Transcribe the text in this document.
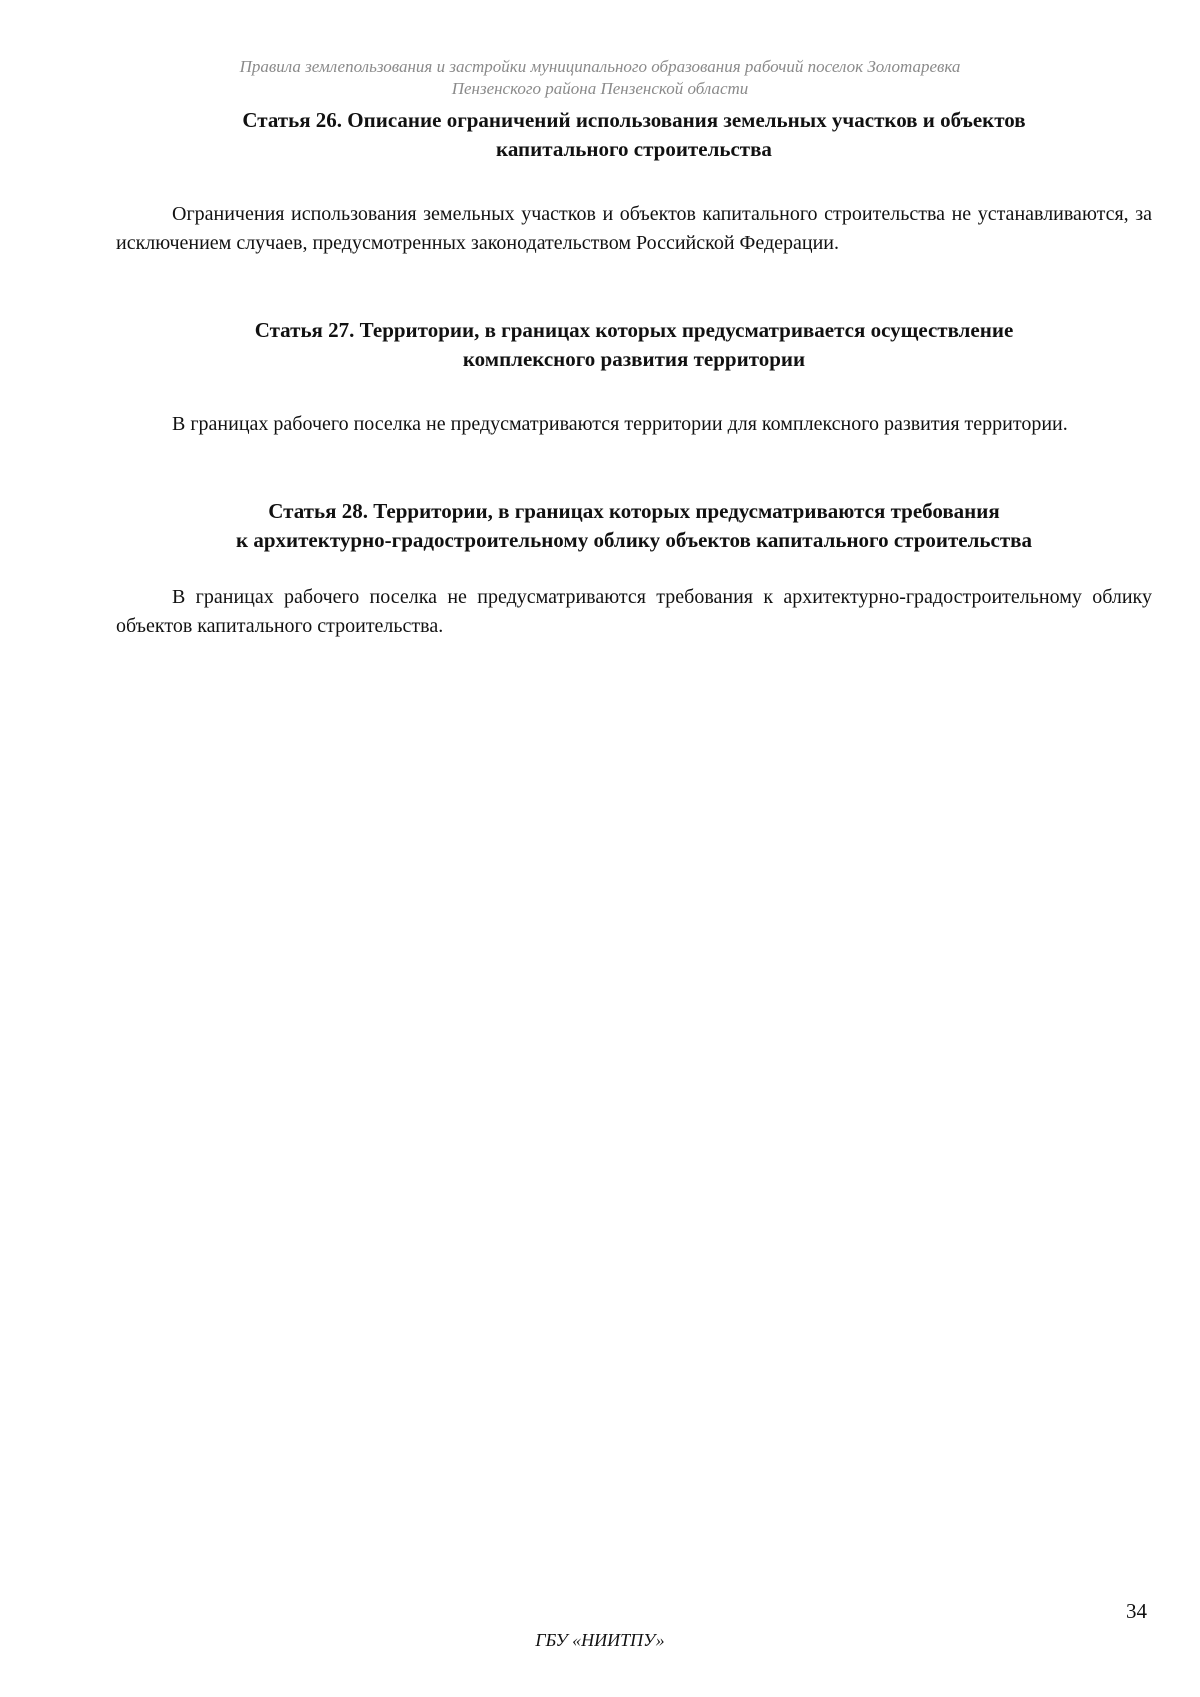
Правила землепользования и застройки муниципального образования рабочий поселок Золотаревка
Пензенского района Пензенской области
Статья 26. Описание ограничений использования земельных участков и объектов
капитального строительства

Ограничения использования земельных участков и объектов капитального строительства не устанавливаются, за исключением случаев, предусмотренных законодательством Российской Федерации.

Статья 27. Территории, в границах которых предусматривается осуществление
комплексного развития территории

В границах рабочего поселка не предусматриваются территории для комплексного развития территории.

Статья 28. Территории, в границах которых предусматриваются требования
к архитектурно-градостроительному облику объектов капитального строительства

В границах рабочего поселка не предусматриваются требования к архитектурно-градостроительному облику объектов капитального строительства.

34
ГБУ «НИИТПУ»
